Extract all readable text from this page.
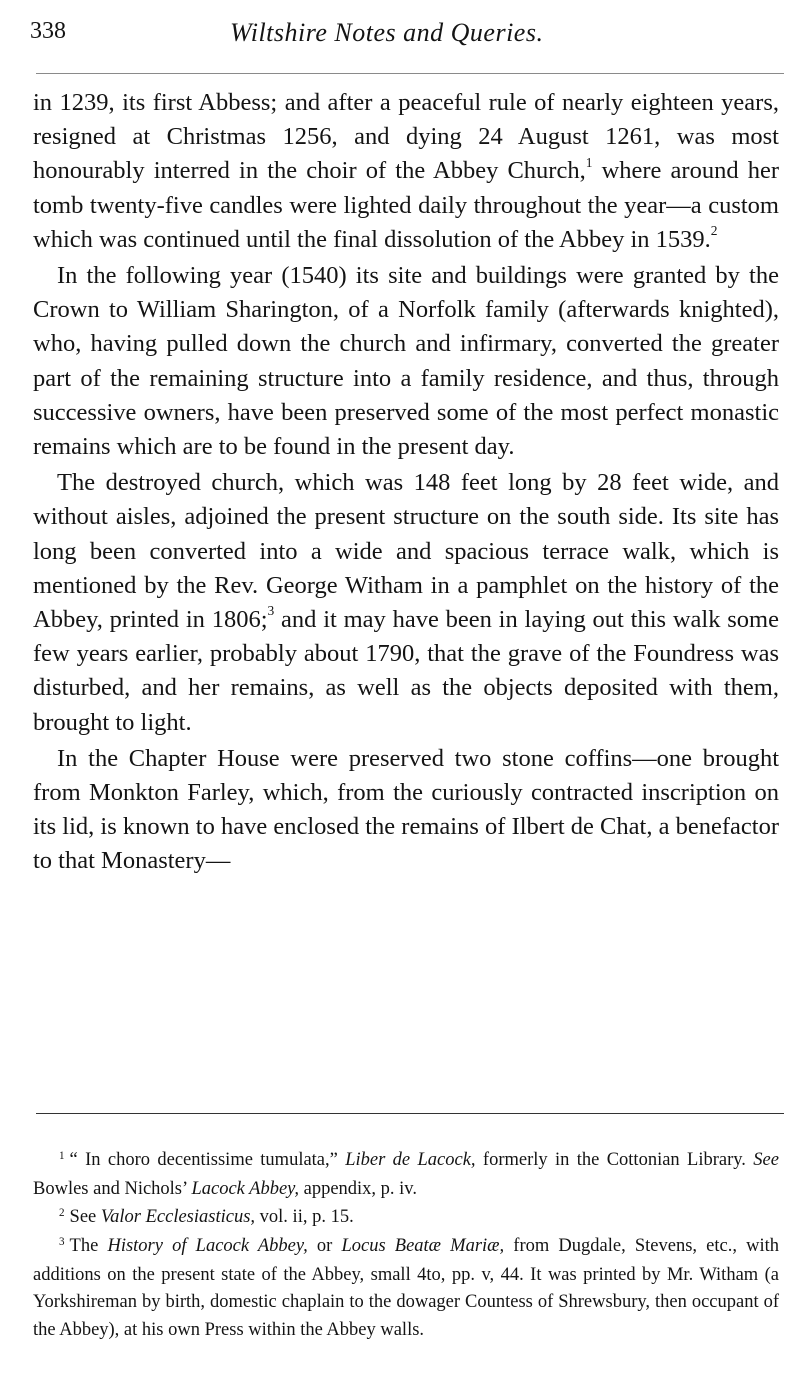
338	Wiltshire Notes and Queries.

in 1239, its first Abbess; and after a peaceful rule of nearly eighteen years, resigned at Christmas 1256, and dying 24 August 1261, was most honourably interred in the choir of the Abbey Church,$^1$ where around her tomb twenty-five candles were lighted daily throughout the year—a custom which was continued until the final dissolution of the Abbey in 1539.$^2$

In the following year (1540) its site and buildings were granted by the Crown to William Sharington, of a Norfolk family (afterwards knighted), who, having pulled down the church and infirmary, converted the greater part of the remaining structure into a family residence, and thus, through successive owners, have been preserved some of the most perfect monastic remains which are to be found in the present day.

The destroyed church, which was 148 feet long by 28 feet wide, and without aisles, adjoined the present structure on the south side. Its site has long been converted into a wide and spacious terrace walk, which is mentioned by the Rev. George Witham in a pamphlet on the history of the Abbey, printed in 1806;$^3$ and it may have been in laying out this walk some few years earlier, probably about 1790, that the grave of the Foundress was disturbed, and her remains, as well as the objects deposited with them, brought to light.

In the Chapter House were preserved two stone coffins—one brought from Monkton Farley, which, from the curiously contracted inscription on its lid, is known to have enclosed the remains of Ilbert de Chat, a benefactor to that Monastery—

$^1$ “ In choro decentissime tumulata,” Liber de Lacock, formerly in the Cottonian Library. See Bowles and Nichols’ Lacock Abbey, appendix, p. iv.

$^2$ See Valor Ecclesiasticus, vol. ii, p. 15.

$^3$ The History of Lacock Abbey, or Locus Beatæ Mariæ, from Dugdale, Stevens, etc., with additions on the present state of the Abbey, small 4to, pp. v, 44. It was printed by Mr. Witham (a Yorkshireman by birth, domestic chaplain to the dowager Countess of Shrewsbury, then occupant of the Abbey), at his own Press within the Abbey walls.
